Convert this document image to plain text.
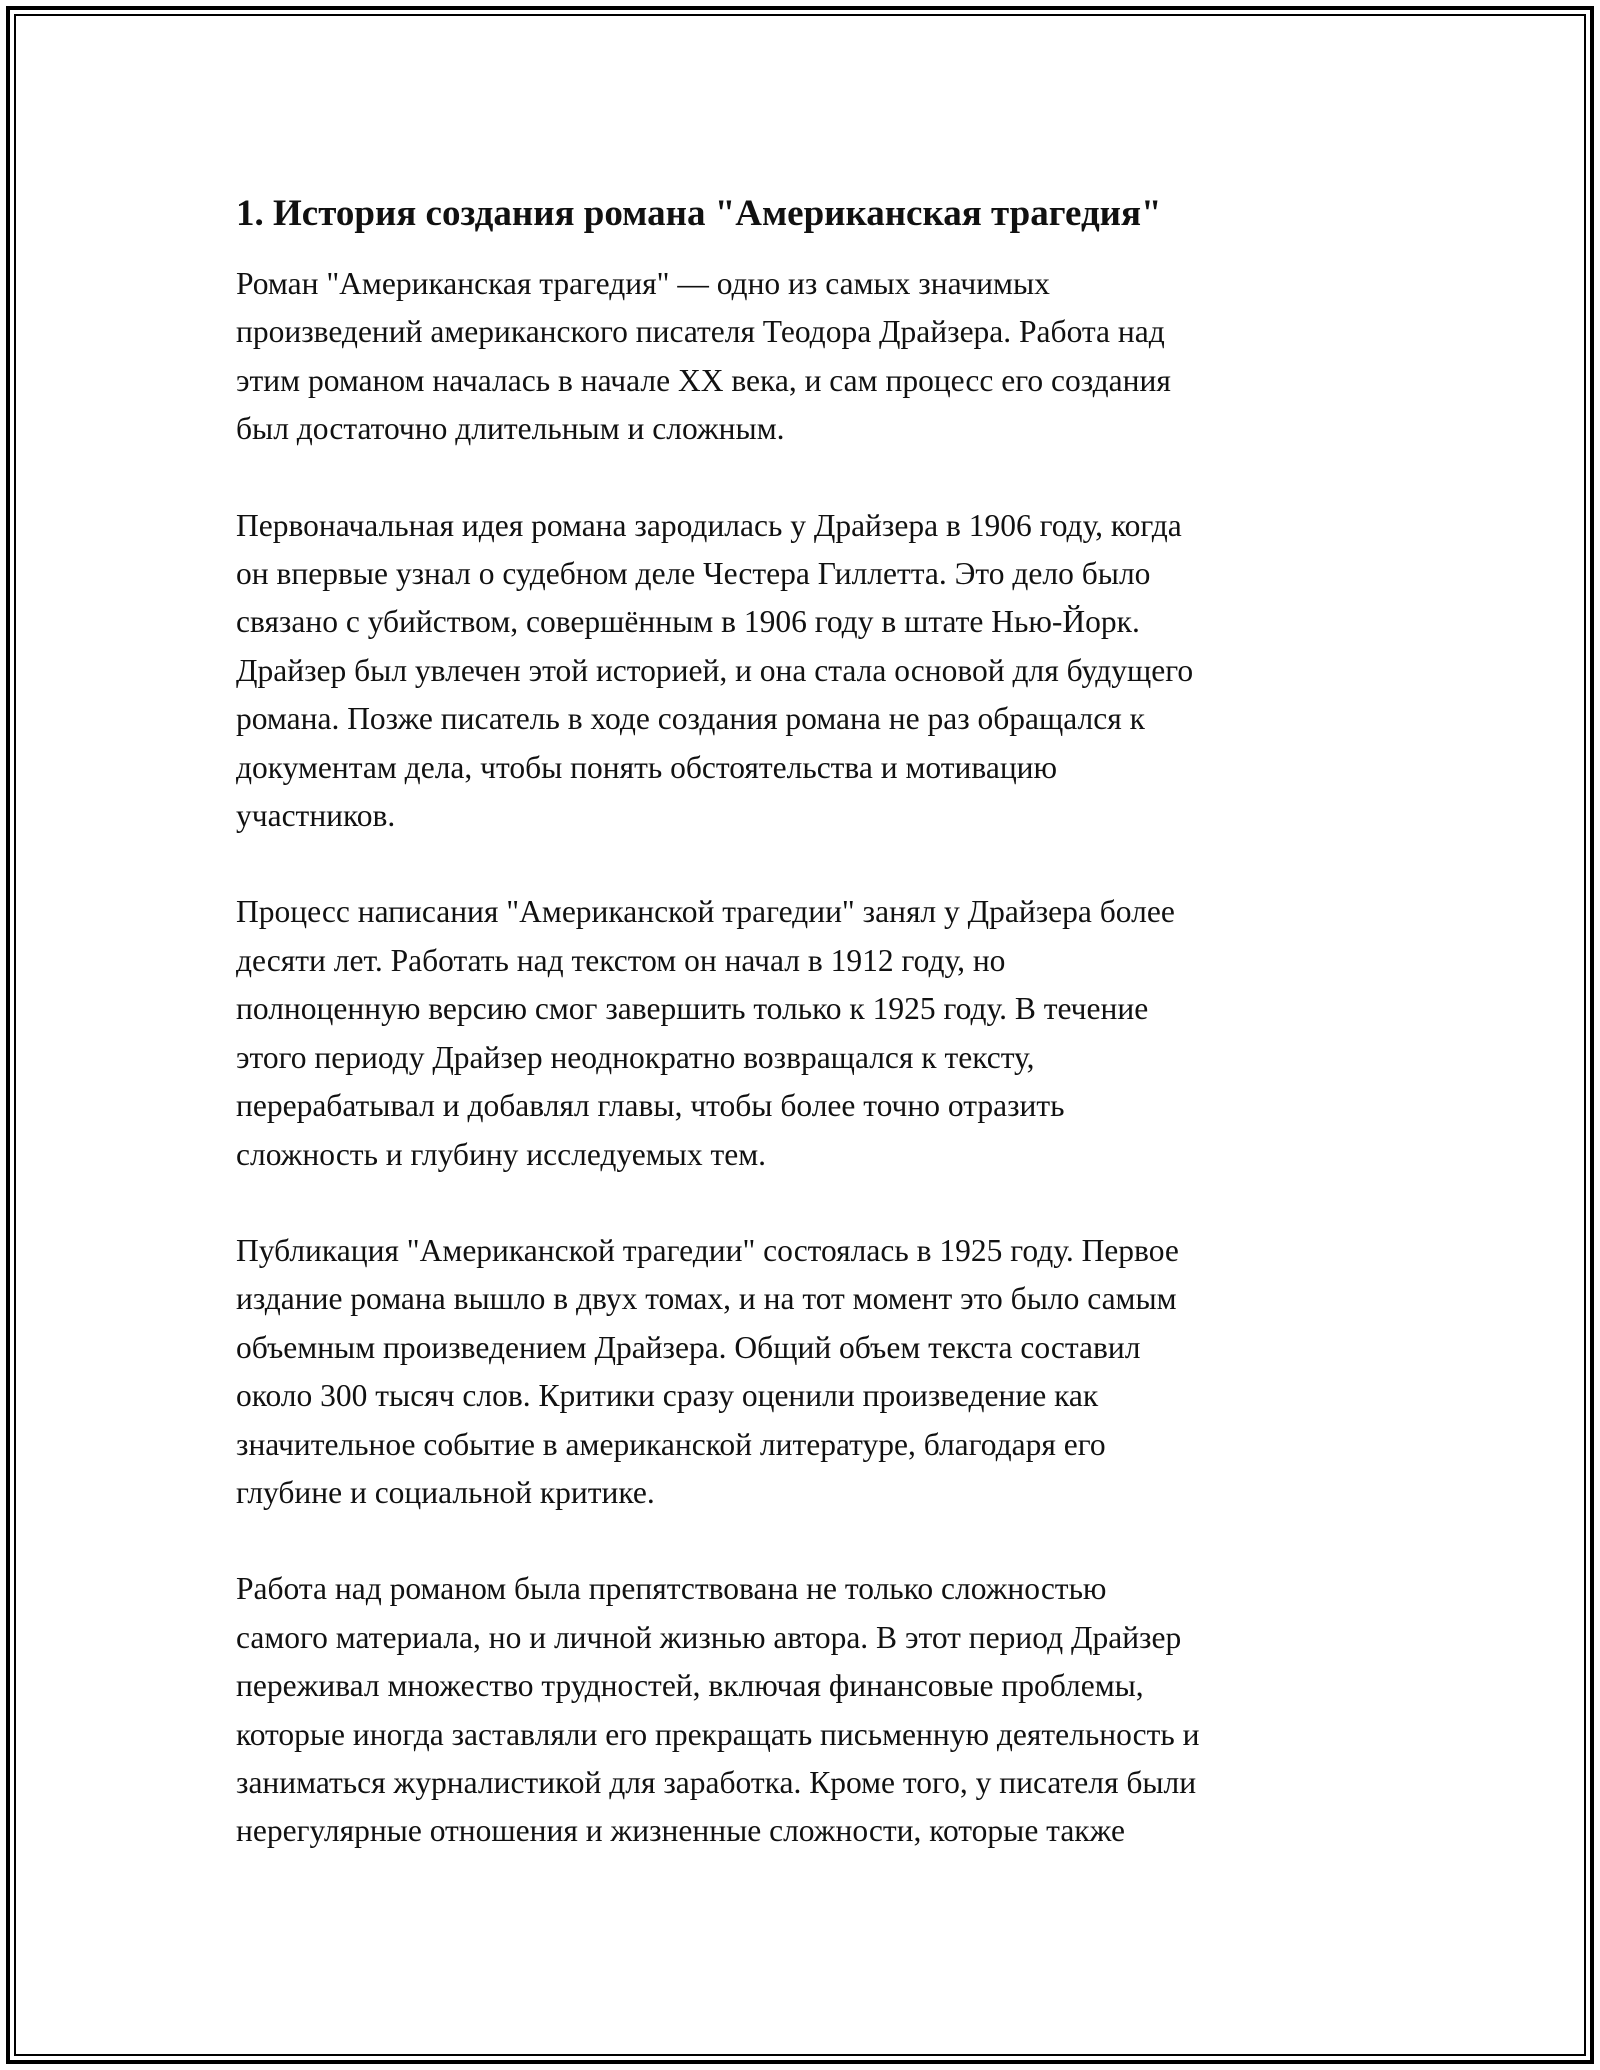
1. История создания романа "Американская трагедия"

Роман "Американская трагедия" — одно из самых значимых
произведений американского писателя Теодора Драйзера. Работа над
этим романом началась в начале XX века, и сам процесс его создания
был достаточно длительным и сложным.

Первоначальная идея романа зародилась у Драйзера в 1906 году, когда
он впервые узнал о судебном деле Честера Гиллетта. Это дело было
связано с убийством, совершённым в 1906 году в штате Нью-Йорк.
Драйзер был увлечен этой историей, и она стала основой для будущего
романа. Позже писатель в ходе создания романа не раз обращался к
документам дела, чтобы понять обстоятельства и мотивацию
участников.

Процесс написания "Американской трагедии" занял у Драйзера более
десяти лет. Работать над текстом он начал в 1912 году, но
полноценную версию смог завершить только к 1925 году. В течение
этого периоду Драйзер неоднократно возвращался к тексту,
перерабатывал и добавлял главы, чтобы более точно отразить
сложность и глубину исследуемых тем.

Публикация "Американской трагедии" состоялась в 1925 году. Первое
издание романа вышло в двух томах, и на тот момент это было самым
объемным произведением Драйзера. Общий объем текста составил
около 300 тысяч слов. Критики сразу оценили произведение как
значительное событие в американской литературе, благодаря его
глубине и социальной критике.

Работа над романом была препятствована не только сложностью
самого материала, но и личной жизнью автора. В этот период Драйзер
переживал множество трудностей, включая финансовые проблемы,
которые иногда заставляли его прекращать письменную деятельность и
заниматься журналистикой для заработка. Кроме того, у писателя были
нерегулярные отношения и жизненные сложности, которые также
